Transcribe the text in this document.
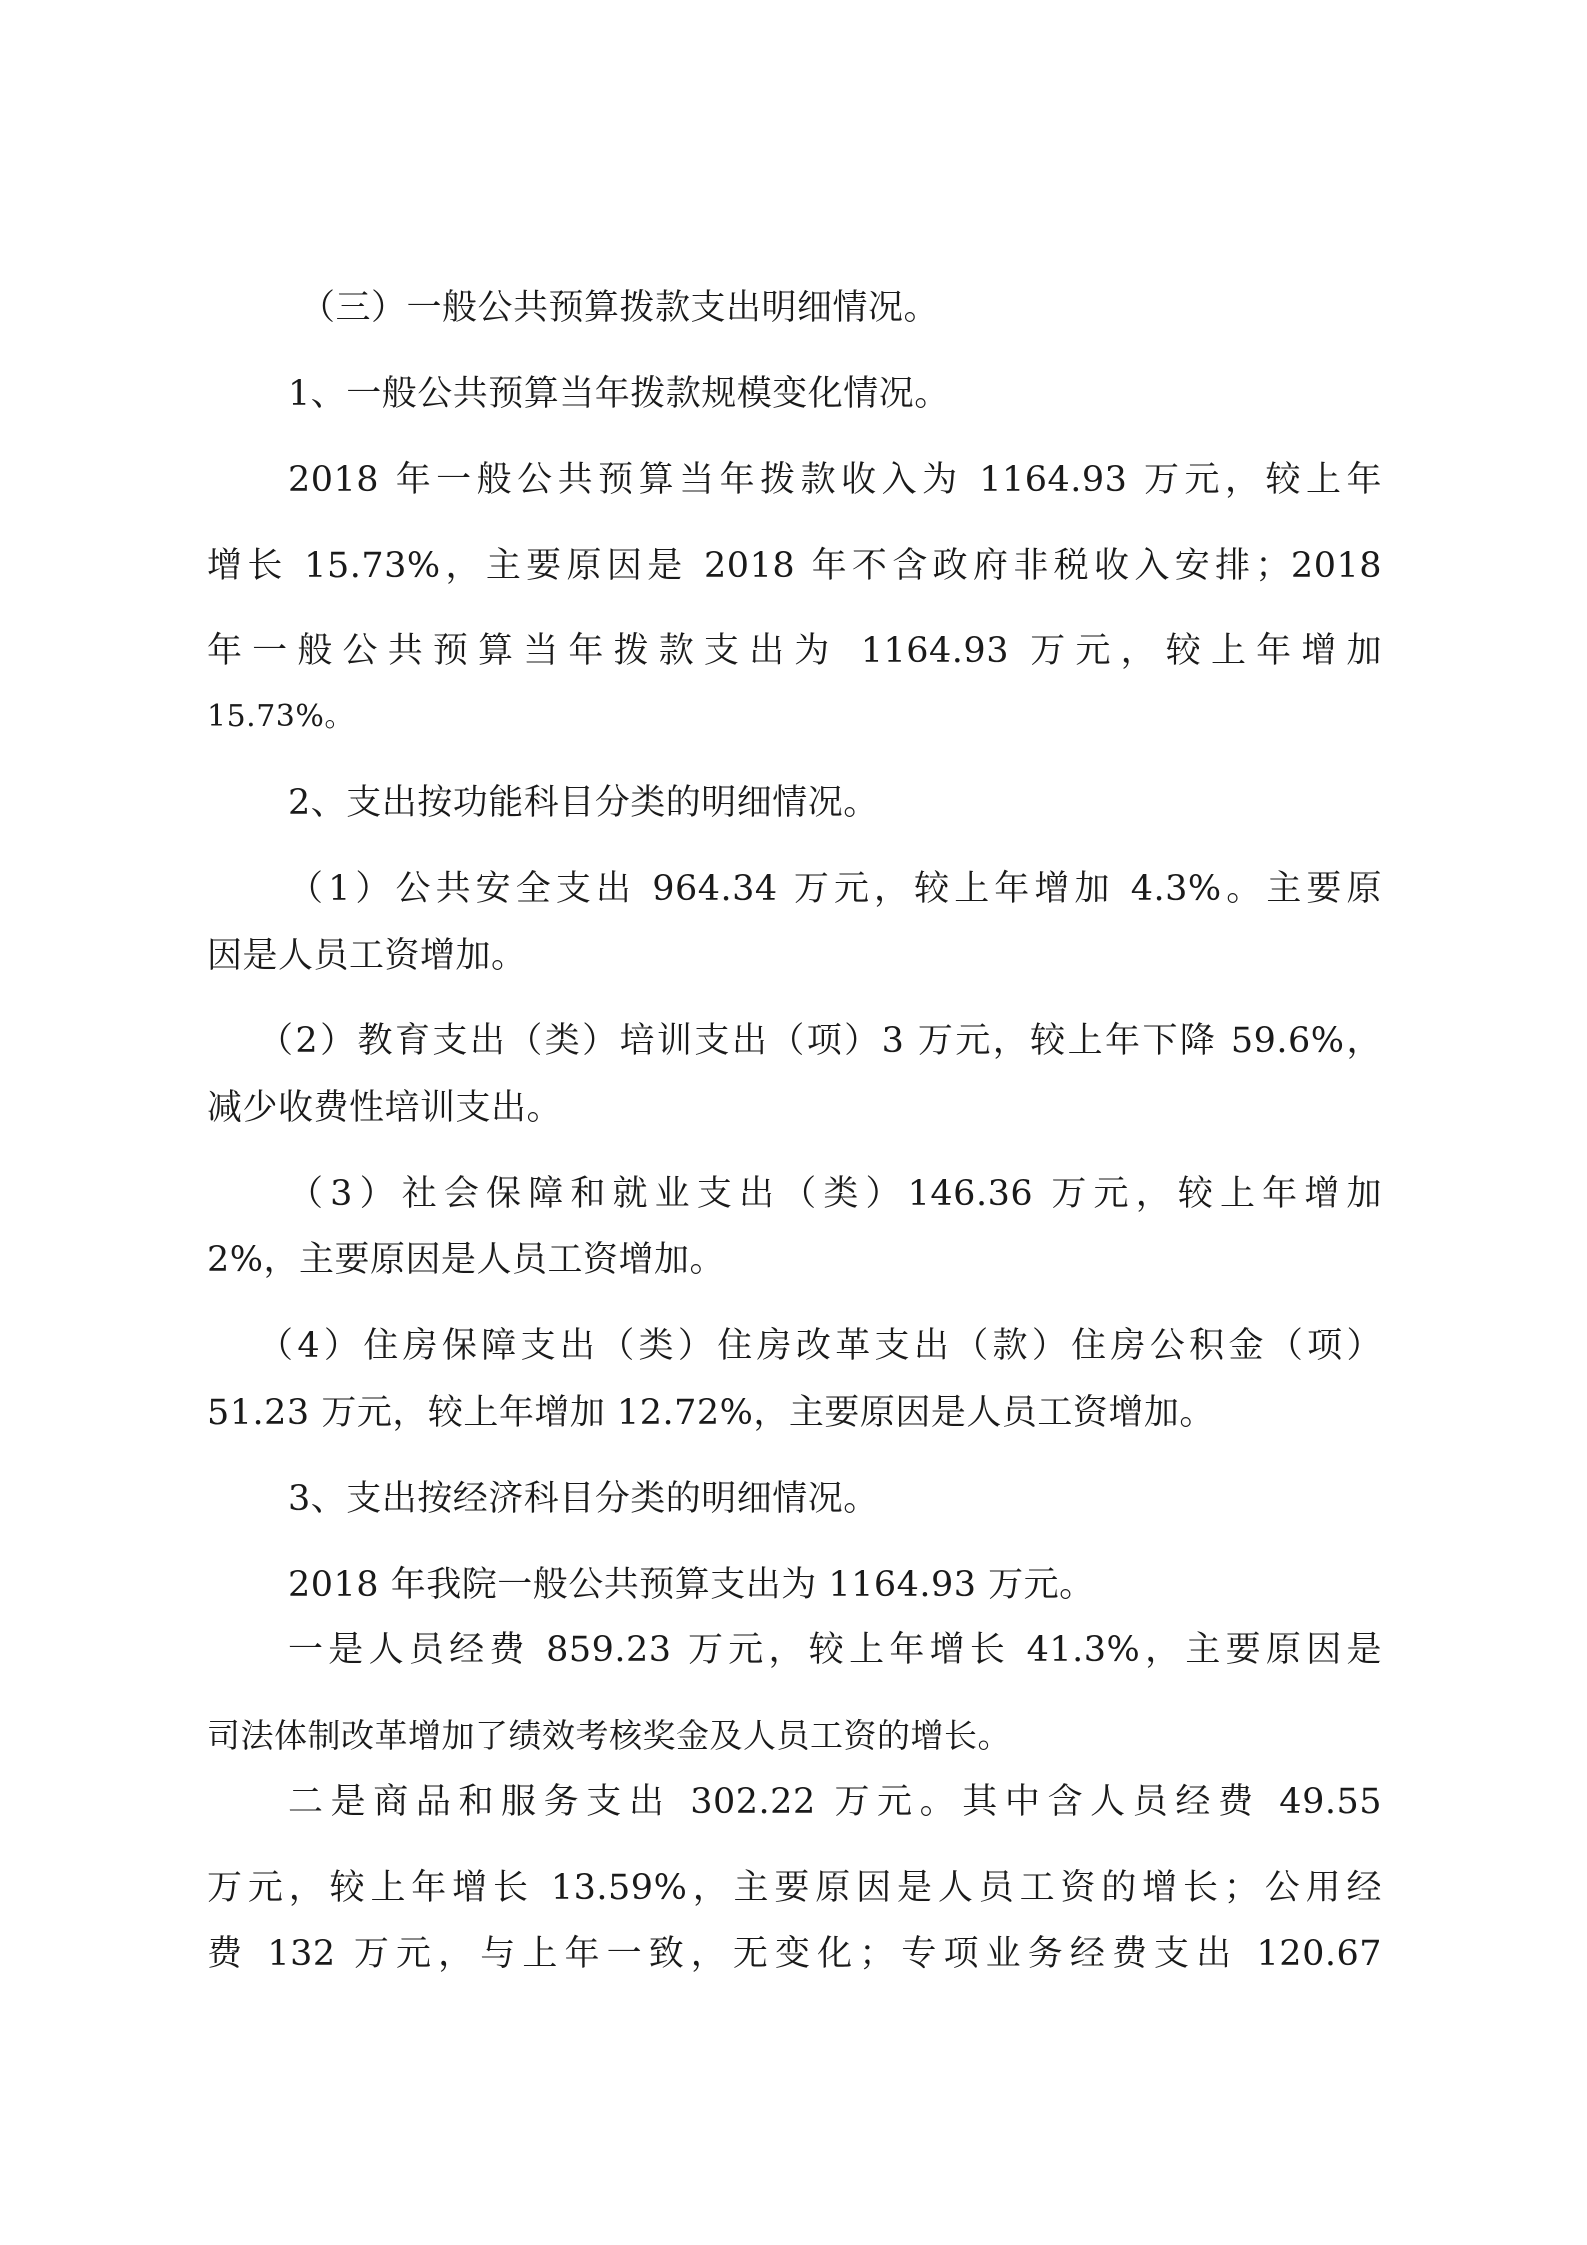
（三）一般公共预算拨款支出明细情况。
1、一般公共预算当年拨款规模变化情况。
2018 年一般公共预算当年拨款收入为 1164.93 万元，较上年
增长 15.73%，主要原因是 2018 年不含政府非税收入安排；2018
年一般公共预算当年拨款支出为 1164.93 万元，较上年增加
15.73%。
2、支出按功能科目分类的明细情况。
（1）公共安全支出 964.34 万元，较上年增加 4.3%。主要原
因是人员工资增加。
（2）教育支出（类）培训支出（项）3 万元，较上年下降 59.6%，
减少收费性培训支出。
（3）社会保障和就业支出（类）146.36 万元，较上年增加
2%，主要原因是人员工资增加。
（4）住房保障支出（类）住房改革支出（款）住房公积金（项）
51.23 万元，较上年增加 12.72%，主要原因是人员工资增加。
3、支出按经济科目分类的明细情况。
2018 年我院一般公共预算支出为 1164.93 万元。
一是人员经费 859.23 万元，较上年增长 41.3%，主要原因是
司法体制改革增加了绩效考核奖金及人员工资的增长。
二是商品和服务支出 302.22 万元。其中含人员经费 49.55
万元，较上年增长 13.59%，主要原因是人员工资的增长；公用经
费 132 万元，与上年一致，无变化；专项业务经费支出 120.67
